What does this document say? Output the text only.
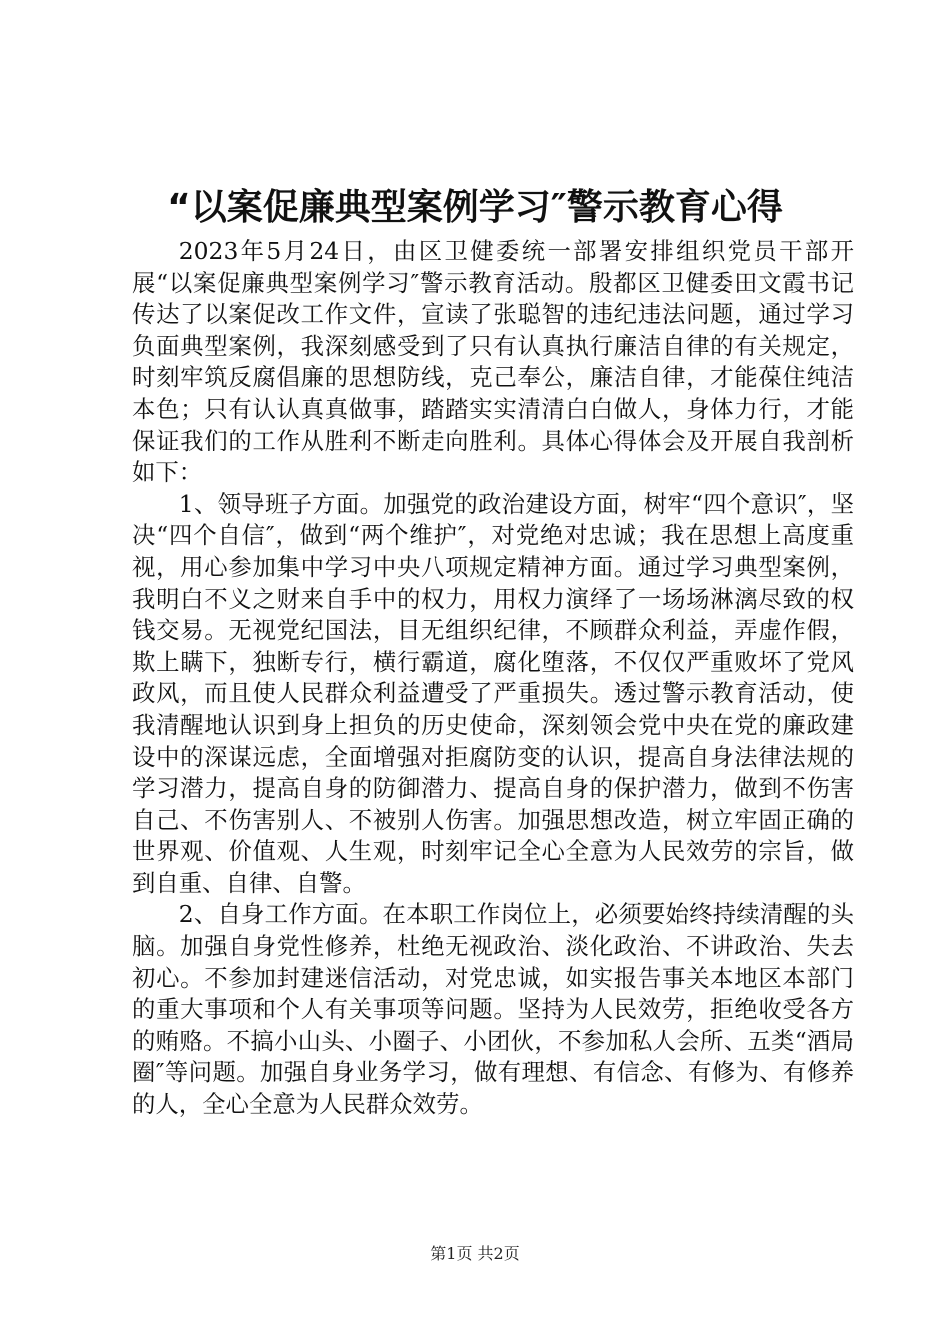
“以案促廉典型案例学习″警示教育心得

2023年5月24日，由区卫健委统一部署安排组织党员干部开展“以案促廉典型案例学习″警示教育活动。殷都区卫健委田文霞书记传达了以案促改工作文件，宣读了张聪智的违纪违法问题，通过学习负面典型案例，我深刻感受到了只有认真执行廉洁自律的有关规定，时刻牢筑反腐倡廉的思想防线，克己奉公，廉洁自律，才能葆住纯洁本色；只有认认真真做事，踏踏实实清清白白做人，身体力行，才能保证我们的工作从胜利不断走向胜利。具体心得体会及开展自我剖析如下：

1、领导班子方面。加强党的政治建设方面，树牢“四个意识″，坚决“四个自信″，做到“两个维护″，对党绝对忠诚；我在思想上高度重视，用心参加集中学习中央八项规定精神方面。通过学习典型案例，我明白不义之财来自手中的权力，用权力演绎了一场场淋漓尽致的权钱交易。无视党纪国法，目无组织纪律，不顾群众利益，弄虚作假，欺上瞒下，独断专行，横行霸道，腐化堕落，不仅仅严重败坏了党风政风，而且使人民群众利益遭受了严重损失。透过警示教育活动，使我清醒地认识到身上担负的历史使命，深刻领会党中央在党的廉政建设中的深谋远虑，全面增强对拒腐防变的认识，提高自身法律法规的学习潜力，提高自身的防御潜力、提高自身的保护潜力，做到不伤害自己、不伤害别人、不被别人伤害。加强思想改造，树立牢固正确的世界观、价值观、人生观，时刻牢记全心全意为人民效劳的宗旨，做到自重、自律、自警。

2、自身工作方面。在本职工作岗位上，必须要始终持续清醒的头脑。加强自身党性修养，杜绝无视政治、淡化政治、不讲政治、失去初心。不参加封建迷信活动，对党忠诚，如实报告事关本地区本部门的重大事项和个人有关事项等问题。坚持为人民效劳，拒绝收受各方的贿赂。不搞小山头、小圈子、小团伙，不参加私人会所、五类“酒局圈″等问题。加强自身业务学习，做有理想、有信念、有修为、有修养的人，全心全意为人民群众效劳。

第1页 共2页
